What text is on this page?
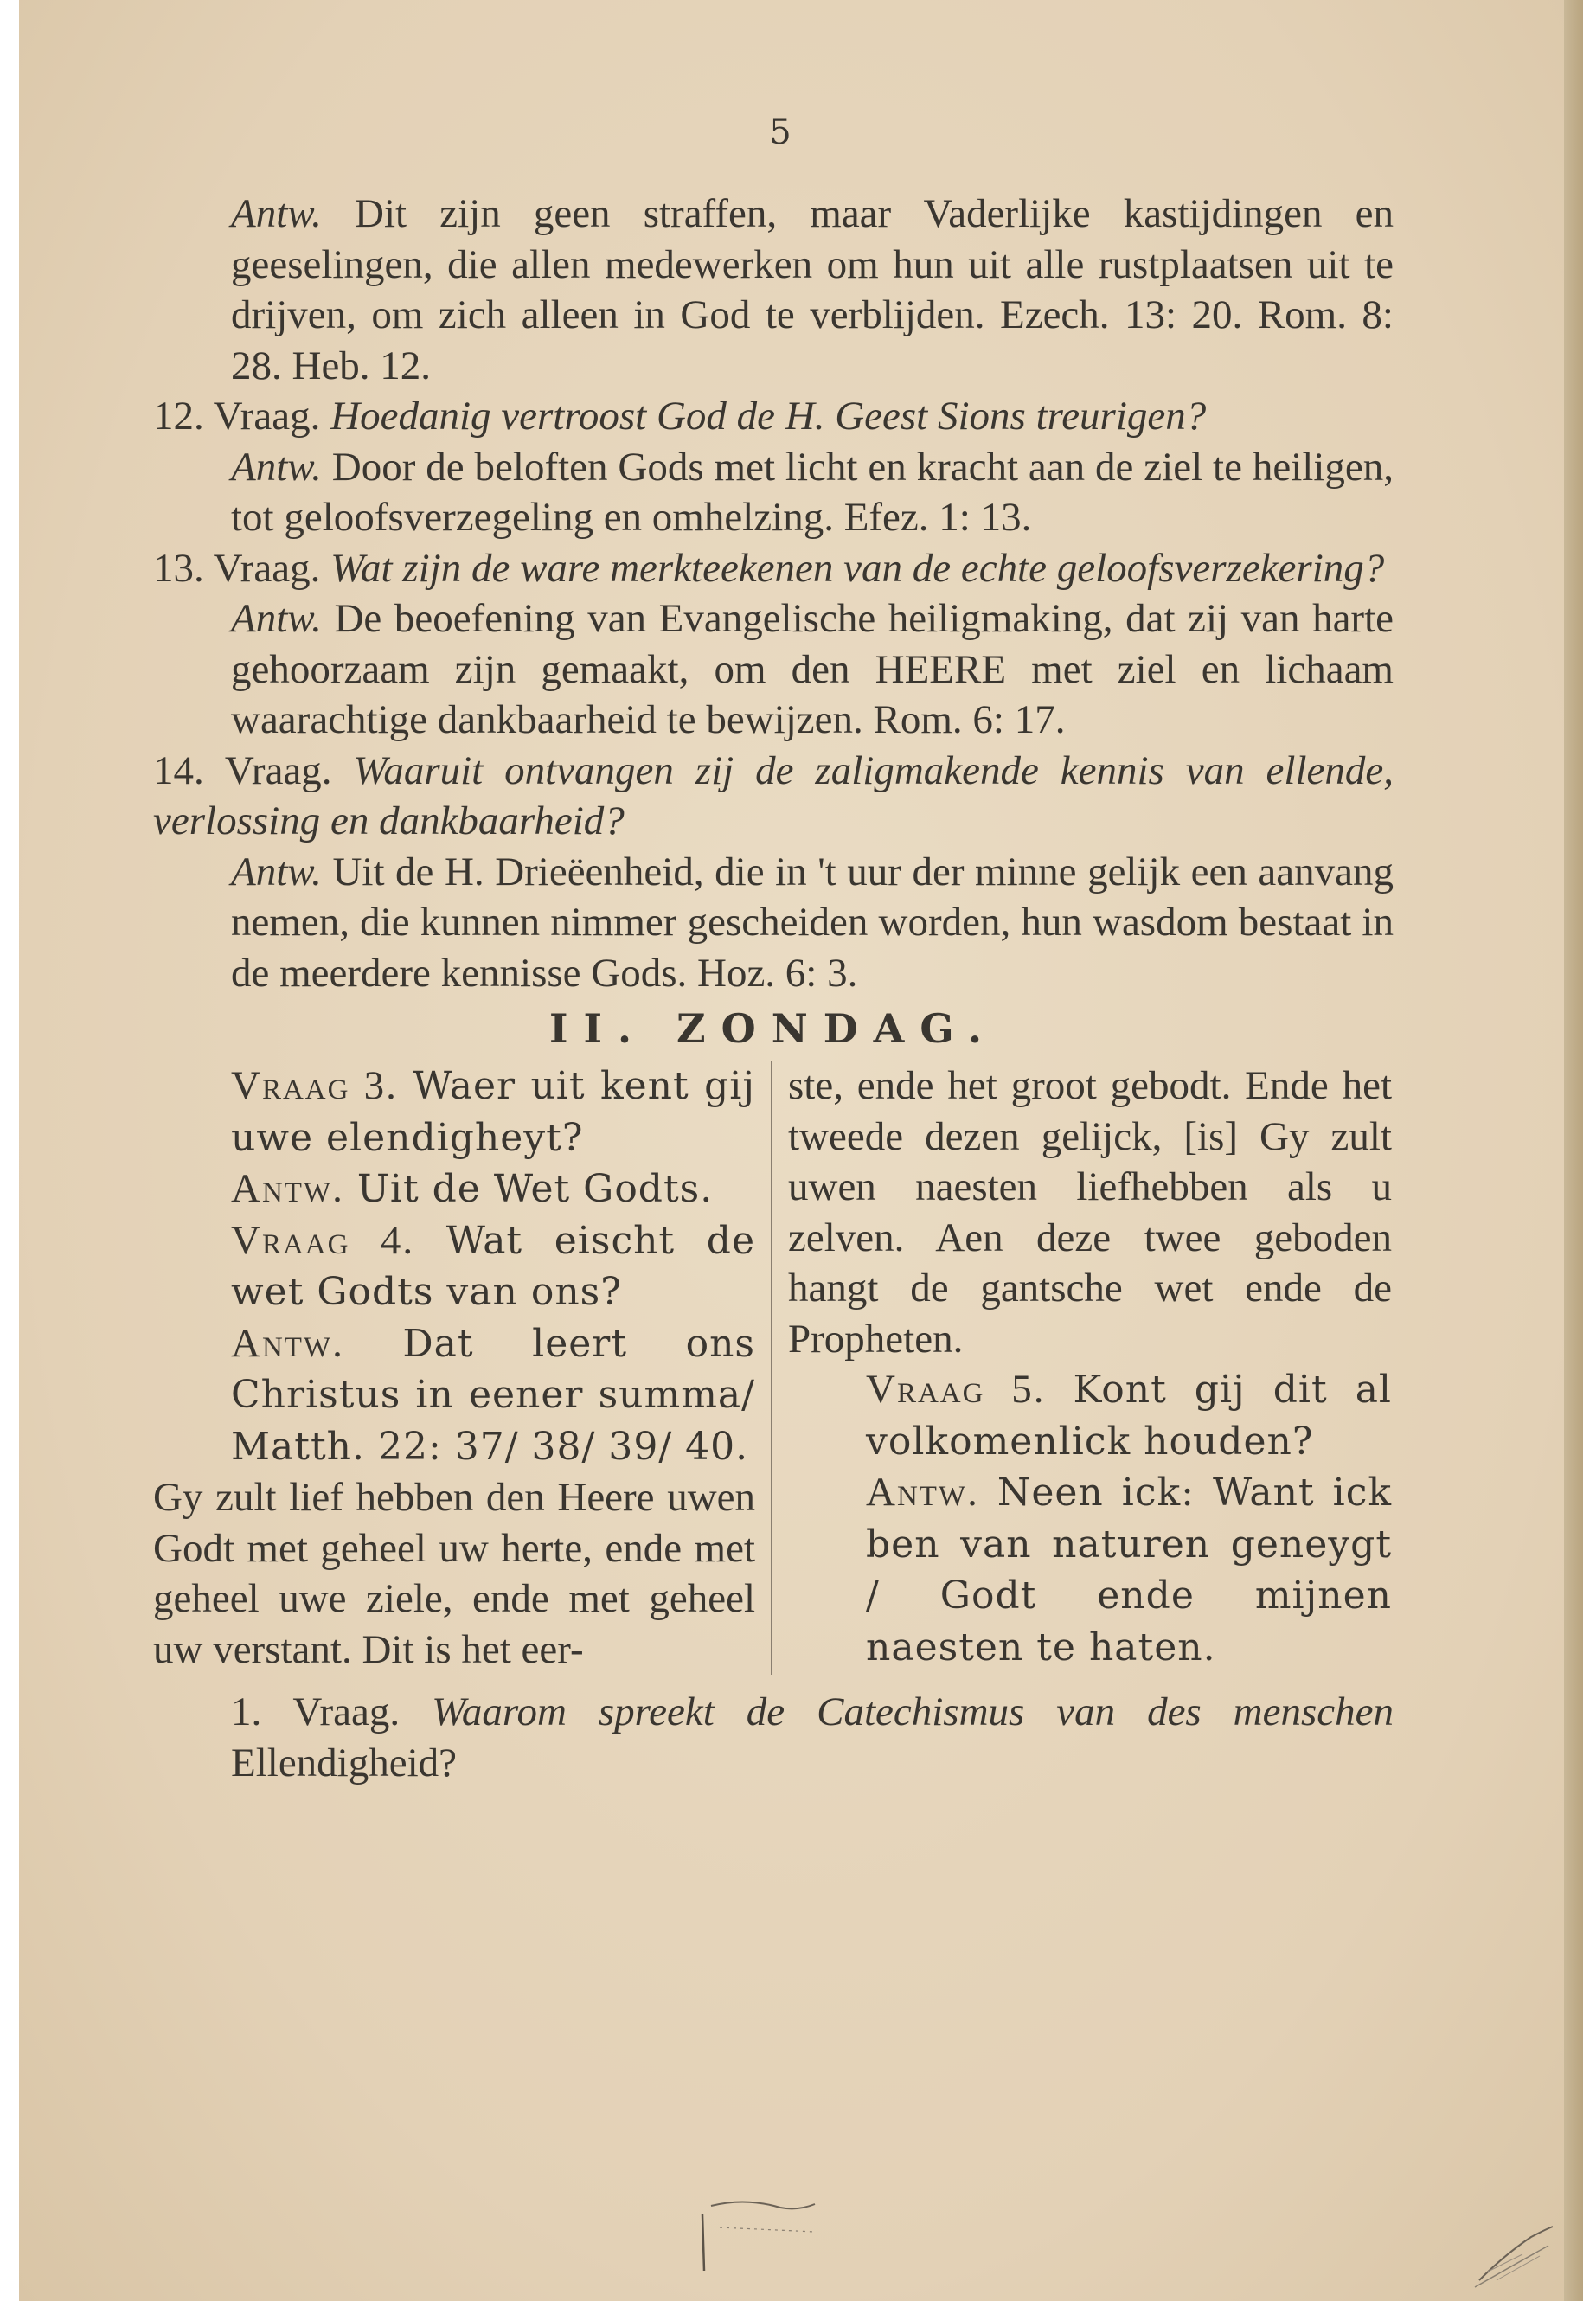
5

Antw. Dit zijn geen straffen, maar Vaderlijke kastijdingen en geeselingen, die allen medewerken om hun uit alle rustplaatsen uit te drijven, om zich alleen in God te verblijden. Ezech. 13: 20. Rom. 8: 28. Heb. 12.

12. Vraag. Hoedanig vertroost God de H. Geest Sions treurigen?

Antw. Door de beloften Gods met licht en kracht aan de ziel te heiligen, tot geloofsverzegeling en omhelzing. Efez. 1: 13.

13. Vraag. Wat zijn de ware merkteekenen van de echte geloofsverzekering?

Antw. De beoefening van Evangelische heiligmaking, dat zij van harte gehoorzaam zijn gemaakt, om den HEERE met ziel en lichaam waarachtige dankbaarheid te bewijzen. Rom. 6: 17.

14. Vraag. Waaruit ontvangen zij de zaligmakende kennis van ellende, verlossing en dankbaarheid?

Antw. Uit de H. Drieëenheid, die in 't uur der minne gelijk een aanvang nemen, die kunnen nimmer gescheiden worden, hun wasdom bestaat in de meerdere kennisse Gods. Hoz. 6: 3.

II. ZONDAG.

Vraag 3. Waer uit kent gij uwe elendigheyt?

Antw. Uit de Wet Godts.

Vraag 4. Wat eischt de wet Godts van ons?

Antw. Dat leert ons Christus in eener summa/ Matth. 22: 37/ 38/ 39/ 40.

Gy zult lief hebben den Heere uwen Godt met geheel uw herte, ende met geheel uwe ziele, ende met geheel uw verstant. Dit is het eer-

ste, ende het groot gebodt. Ende het tweede dezen gelijck, [is] Gy zult uwen naesten liefhebben als u zelven. Aen deze twee geboden hangt de gantsche wet ende de Propheten.

Vraag 5. Kont gij dit al volkomenlick houden?

Antw. Neen ick: Want ick ben van naturen geneygt / Godt ende mijnen naesten te haten.

1. Vraag. Waarom spreekt de Catechismus van des menschen Ellendigheid?
